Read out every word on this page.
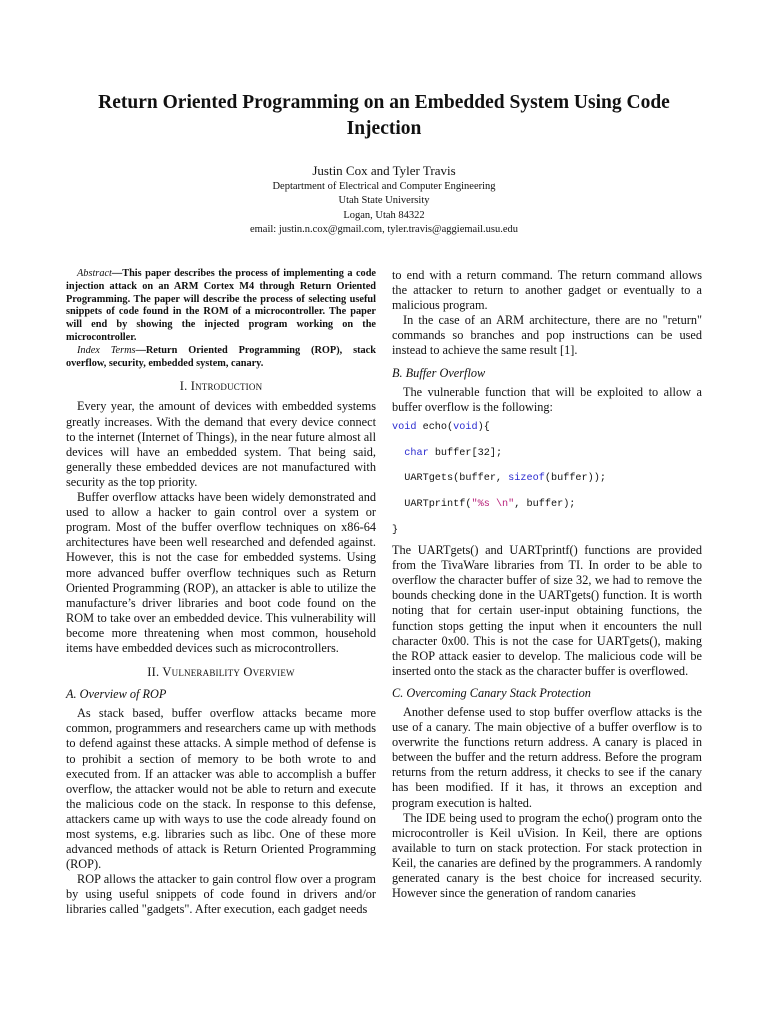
Return Oriented Programming on an Embedded System Using Code Injection
Justin Cox and Tyler Travis
Deptartment of Electrical and Computer Engineering
Utah State University
Logan, Utah 84322
email: justin.n.cox@gmail.com, tyler.travis@aggiemail.usu.edu

Abstract—This paper describes the process of implementing a code injection attack on an ARM Cortex M4 through Return Oriented Programming. The paper will describe the process of selecting useful snippets of code found in the ROM of a microcontroller. The paper will end by showing the injected program working on the microcontroller.

Index Terms—Return Oriented Programming (ROP), stack overflow, security, embedded system, canary.

I. Introduction

Every year, the amount of devices with embedded systems greatly increases. With the demand that every device connect to the internet (Internet of Things), in the near future almost all devices will have an embedded system. That being said, generally these embedded devices are not manufactured with security as the top priority.

Buffer overflow attacks have been widely demonstrated and used to allow a hacker to gain control over a system or program. Most of the buffer overflow techniques on x86-64 architectures have been well researched and defended against. However, this is not the case for embedded systems. Using more advanced buffer overflow techniques such as Return Oriented Programming (ROP), an attacker is able to utilize the manufacture’s driver libraries and boot code found on the ROM to take over an embedded device. This vulnerability will become more threatening when most common, household items have embedded devices such as microcontrollers.

II. Vulnerability Overview
A. Overview of ROP

As stack based, buffer overflow attacks became more common, programmers and researchers came up with methods to defend against these attacks. A simple method of defense is to prohibit a section of memory to be both wrote to and executed from. If an attacker was able to accomplish a buffer overflow, the attacker would not be able to return and execute the malicious code on the stack. In response to this defense, attackers came up with ways to use the code already found on most systems, e.g. libraries such as libc. One of these more advanced methods of attack is Return Oriented Programming (ROP).

ROP allows the attacker to gain control flow over a program by using useful snippets of code found in drivers and/or libraries called "gadgets". After execution, each gadget needs

to end with a return command. The return command allows the attacker to return to another gadget or eventually to a malicious program.

In the case of an ARM architecture, there are no "return" commands so branches and pop instructions can be used instead to achieve the same result [1].

B. Buffer Overflow

The vulnerable function that will be exploited to allow a buffer overflow is the following:

void echo(void){
char buffer[32];
UARTgets(buffer, sizeof(buffer));
UARTprintf("%s \n", buffer);
}

The UARTgets() and UARTprintf() functions are provided from the TivaWare libraries from TI. In order to be able to overflow the character buffer of size 32, we had to remove the bounds checking done in the UARTgets() function. It is worth noting that for certain user-input obtaining functions, the function stops getting the input when it encounters the null character 0x00. This is not the case for UARTgets(), making the ROP attack easier to develop. The malicious code will be inserted onto the stack as the character buffer is overflowed.

C. Overcoming Canary Stack Protection

Another defense used to stop buffer overflow attacks is the use of a canary. The main objective of a buffer overflow is to overwrite the functions return address. A canary is placed in between the buffer and the return address. Before the program returns from the return address, it checks to see if the canary has been modified. If it has, it throws an exception and program execution is halted.

The IDE being used to program the echo() program onto the microcontroller is Keil uVision. In Keil, there are options available to turn on stack protection. For stack protection in Keil, the canaries are defined by the programmers. A randomly generated canary is the best choice for increased security. However since the generation of random canaries
